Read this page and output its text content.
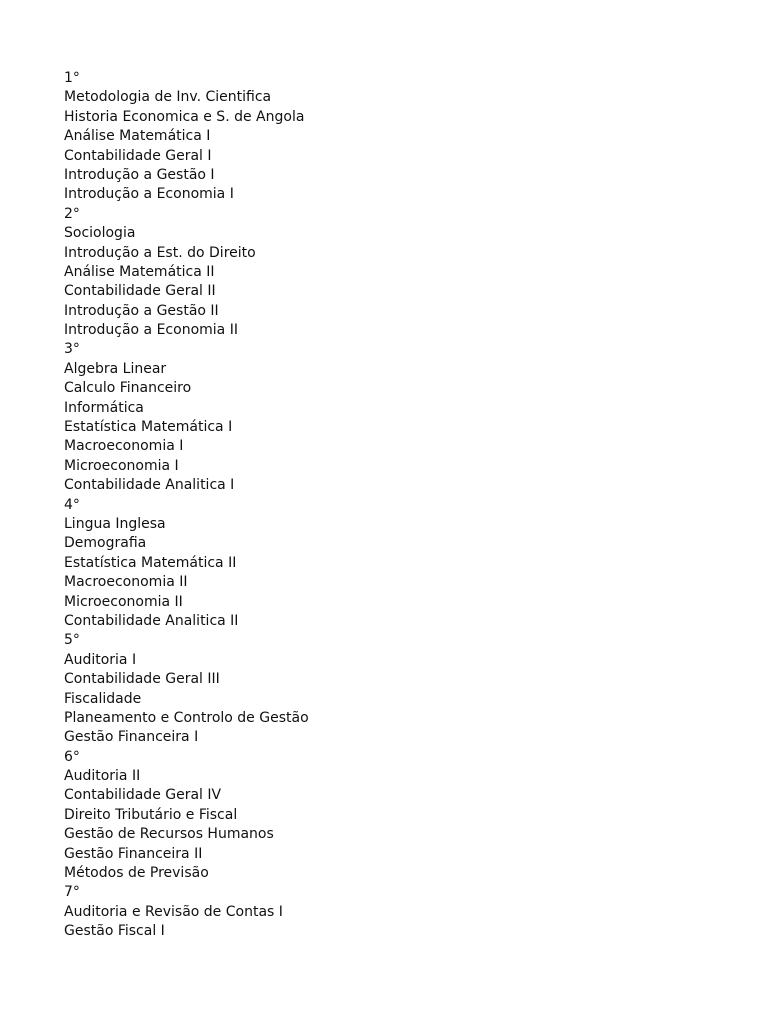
1°
Metodologia de Inv. Cientifica
Historia Economica e S. de Angola
Análise Matemática I
Contabilidade Geral I
Introdução a Gestão I
Introdução a Economia I
2°
Sociologia
Introdução a Est. do Direito
Análise Matemática II
Contabilidade Geral II
Introdução a Gestão II
Introdução a Economia II
3°
Algebra Linear
Calculo Financeiro
Informática
Estatística Matemática I
Macroeconomia I
Microeconomia I
Contabilidade Analitica I
4°
Lingua Inglesa
Demografia
Estatística Matemática II
Macroeconomia II
Microeconomia II
Contabilidade Analitica II
5°
Auditoria I
Contabilidade Geral III
Fiscalidade
Planeamento e Controlo de Gestão
Gestão Financeira I
6°
Auditoria II
Contabilidade Geral IV
Direito Tributário e Fiscal
Gestão de Recursos Humanos
Gestão Financeira II
Métodos de Previsão
7°
Auditoria e Revisão de Contas I
Gestão Fiscal I
